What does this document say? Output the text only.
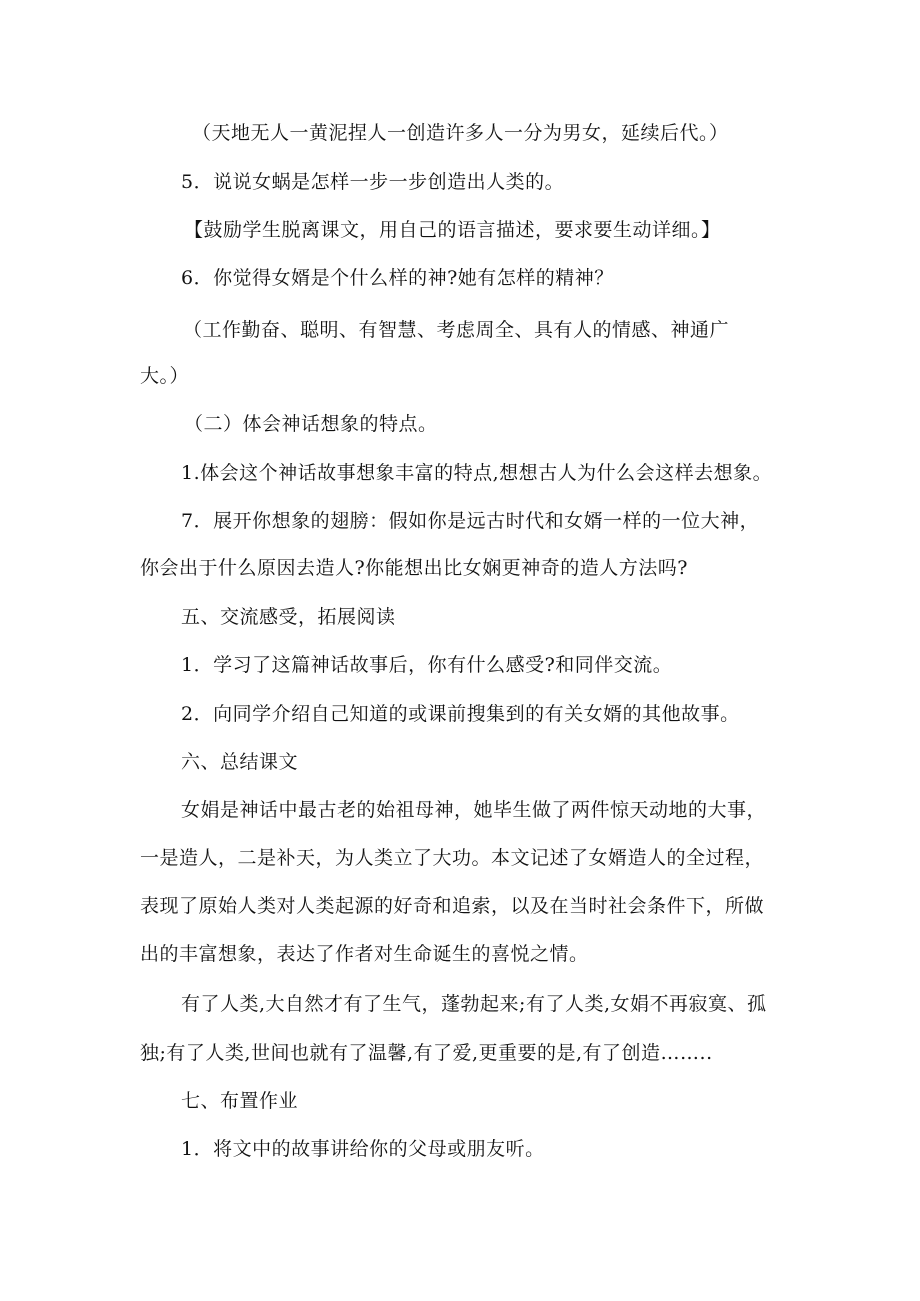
（天地无人一黄泥捏人一创造许多人一分为男女，延续后代。）
5．说说女蜗是怎样一步一步创造出人类的。
【鼓励学生脱离课文，用自己的语言描述，要求要生动详细。】
6．你觉得女婿是个什么样的神?她有怎样的精神？
（工作勤奋、聪明、有智慧、考虑周全、具有人的情感、神通广
大。）
（二）体会神话想象的特点。
1.体会这个神话故事想象丰富的特点,想想古人为什么会这样去想象。
7．展开你想象的翅膀：假如你是远古时代和女婿一样的一位大神，
你会出于什么原因去造人?你能想出比女娴更神奇的造人方法吗?
五、交流感受，拓展阅读
1．学习了这篇神话故事后，你有什么感受?和同伴交流。
2．向同学介绍自己知道的或课前搜集到的有关女婿的其他故事。
六、总结课文
女娟是神话中最古老的始祖母神，她毕生做了两件惊天动地的大事，
一是造人，二是补天，为人类立了大功。本文记述了女婿造人的全过程，
表现了原始人类对人类起源的好奇和追索，以及在当时社会条件下，所做
出的丰富想象，表达了作者对生命诞生的喜悦之情。
有了人类,大自然才有了生气，蓬勃起来;有了人类,女娟不再寂寞、孤
独;有了人类,世间也就有了温馨,有了爱,更重要的是,有了创造……..
七、布置作业
1．将文中的故事讲给你的父母或朋友听。
